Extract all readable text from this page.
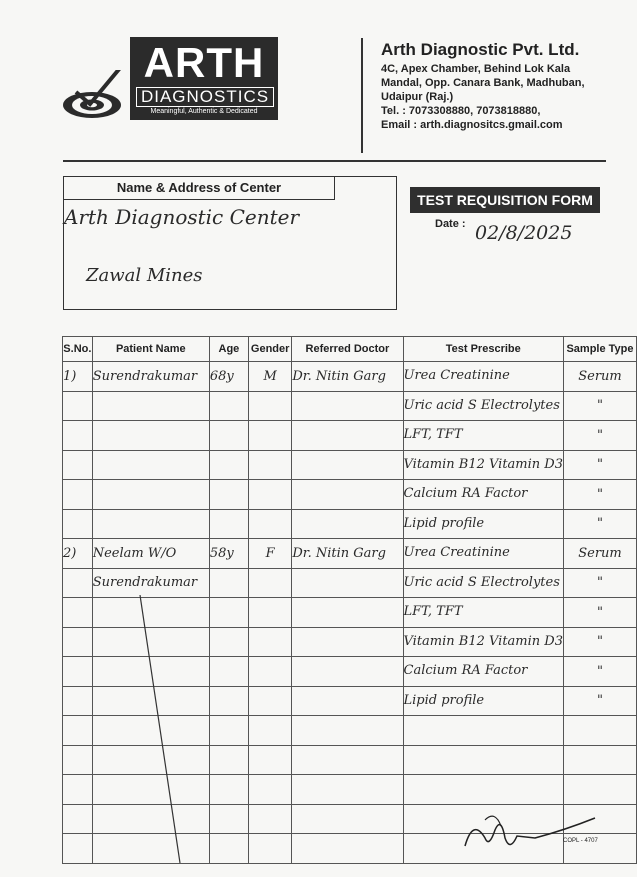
ARTH
DIAGNOSTICS
Meaningful, Authentic & Dedicated
Arth Diagnostic Pvt. Ltd.
4C, Apex Chamber, Behind Lok Kala
Mandal, Opp. Canara Bank, Madhuban,
Udaipur (Raj.)
Tel. : 7073308880, 7073818880,
Email : arth.diagnositcs.gmail.com
Name & Address of Center
Arth Diagnostic Center
Zawal Mines
TEST REQUISITION FORM
Date : 02/8/2025
S.No.	Patient Name	Age	Gender	Referred Doctor	Test Prescribe	Sample Type
1)	Surendrakumar	68y	M	Dr. Nitin Garg	Urea Creatinine	Serum
					Uric acid S Electrolytes	"
					LFT, TFT	"
					Vitamin B12 Vitamin D3	"
					Calcium RA Factor	"
					Lipid profile	"
2)	Neelam W/O	58y	F	Dr. Nitin Garg	Urea Creatinine	Serum
	Surendrakumar				Uric acid S Electrolytes	"
					LFT, TFT	"
					Vitamin B12 Vitamin D3	"
					Calcium RA Factor	"
					Lipid profile	"

COPL - 4707
